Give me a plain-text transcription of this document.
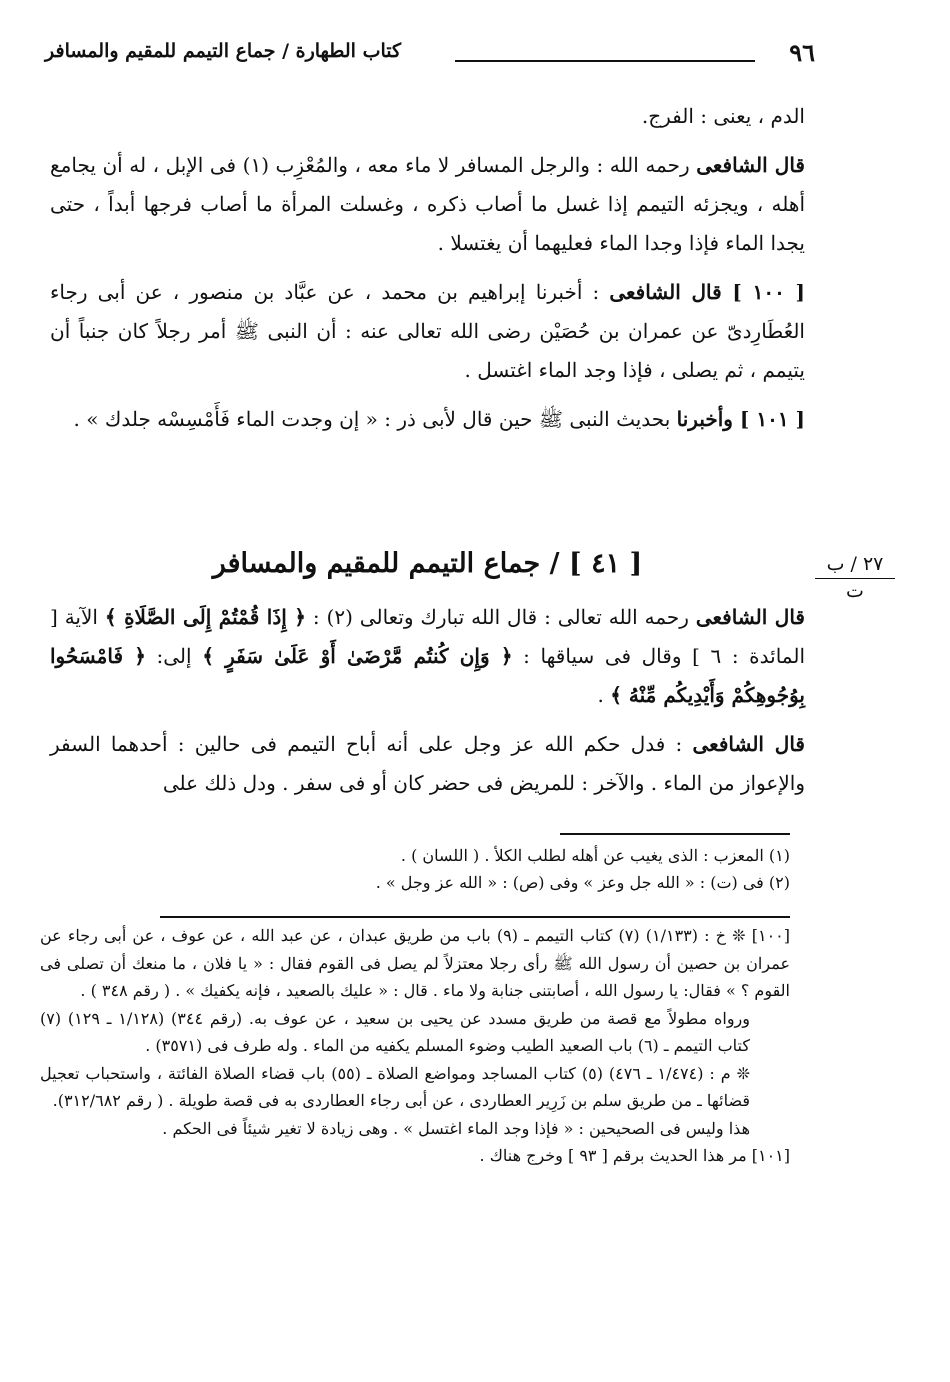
٩٦
كتاب الطهارة / جماع التيمم للمقيم والمسافر

الدم ، يعنى : الفرج.

قال الشافعى رحمه الله : والرجل المسافر لا ماء معه ، والمُعْزِب (١) فى الإبل ، له أن يجامع أهله ، ويجزئه التيمم إذا غسل ما أصاب ذكره ، وغسلت المرأة ما أصاب فرجها أبداً ، حتى يجدا الماء فإذا وجدا الماء فعليهما أن يغتسلا .

[ ١٠٠ ] قال الشافعى : أخبرنا إبراهيم بن محمد ، عن عبَّاد بن منصور ، عن أبى رجاء العُطَارِدىّ عن عمران بن حُصَيْن رضى الله تعالى عنه : أن النبى ﷺ أمر رجلاً كان جنباً أن يتيمم ، ثم يصلى ، فإذا وجد الماء اغتسل .

[ ١٠١ ] وأخبرنا بحديث النبى ﷺ حين قال لأبى ذر : « إن وجدت الماء فَأَمْسِسْه جلدك » .

[ ٤١ ] / جماع التيمم للمقيم والمسافر	٢٧ / ب
ت

قال الشافعى رحمه الله تعالى : قال الله تبارك وتعالى (٢) : ﴿ إِذَا قُمْتُمْ إِلَى الصَّلَاةِ ﴾ الآية [ المائدة : ٦ ] وقال فى سياقها : ﴿ وَإِن كُنتُم مَّرْضَىٰ أَوْ عَلَىٰ سَفَرٍ ﴾ إلى: ﴿ فَامْسَحُوا بِوُجُوهِكُمْ وَأَيْدِيكُم مِّنْهُ ﴾ .

قال الشافعى : فدل حكم الله عز وجل على أنه أباح التيمم فى حالين : أحدهما السفر والإعواز من الماء . والآخر : للمريض فى حضر كان أو فى سفر . ودل ذلك على

(١) المعزب : الذى يغيب عن أهله لطلب الكلأ . ( اللسان ) .
(٢) فى (ت) : « الله جل وعز » وفى (ص) : « الله عز وجل » .

[١٠٠] ❊ خ : (١/١٣٣) (٧) كتاب التيمم ـ (٩) باب من طريق عبدان ، عن عبد الله ، عن عوف ، عن أبى رجاء عن عمران بن حصين أن رسول الله ﷺ رأى رجلا معتزلاً لم يصل فى القوم فقال : « يا فلان ، ما منعك أن تصلى فى القوم ؟ » فقال: يا رسول الله ، أصابتنى جنابة ولا ماء . قال : « عليك بالصعيد ، فإنه يكفيك » . ( رقم ٣٤٨ ) .

ورواه مطولاً مع قصة من طريق مسدد عن يحيى بن سعيد ، عن عوف به. (رقم ٣٤٤) (١/١٢٨ ـ ١٢٩) (٧) كتاب التيمم ـ (٦) باب الصعيد الطيب وضوء المسلم يكفيه من الماء . وله طرف فى (٣٥٧١) .

❊ م : (١/٤٧٤ ـ ٤٧٦) (٥) كتاب المساجد ومواضع الصلاة ـ (٥٥) باب قضاء الصلاة الفائتة ، واستحباب تعجيل قضائها ـ من طريق سلم بن زَرِير العطاردى ، عن أبى رجاء العطاردى به فى قصة طويلة . ( رقم ٣١٢/٦٨٢).

هذا وليس فى الصحيحين : « فإذا وجد الماء اغتسل » . وهى زيادة لا تغير شيئاً فى الحكم .

[١٠١] مر هذا الحديث برقم [ ٩٣ ] وخرج هناك .
